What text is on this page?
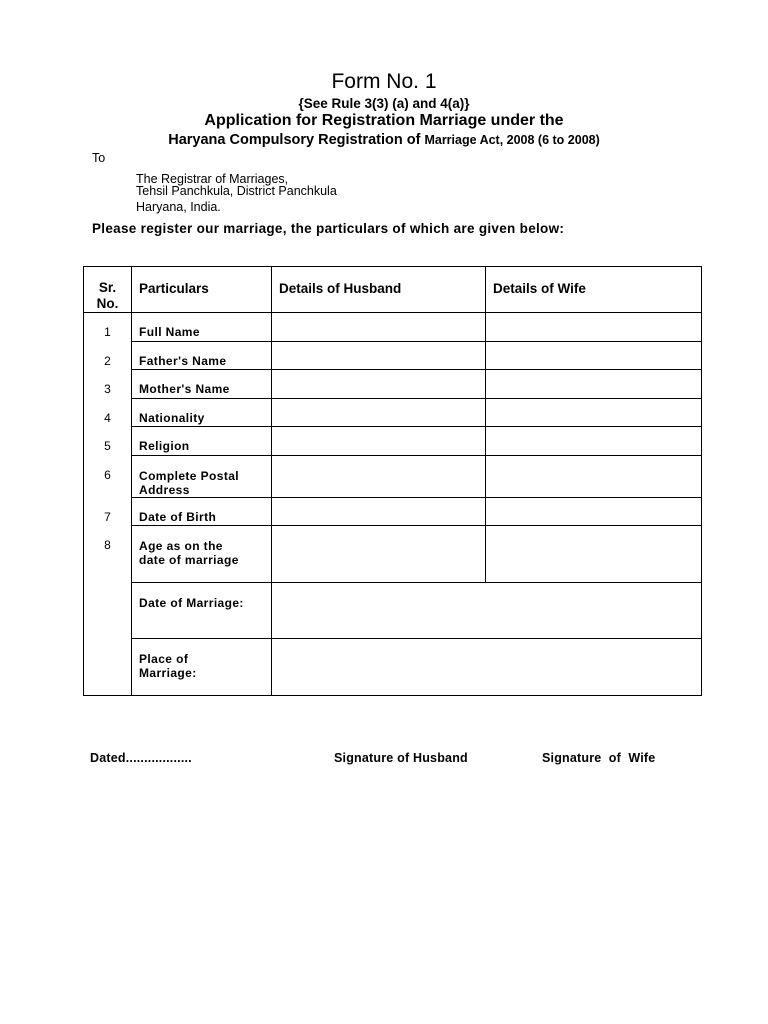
Form No. 1
{See Rule 3(3) (a) and 4(a)}
Application for Registration Marriage under the
Haryana Compulsory Registration of Marriage Act, 2008 (6 to 2008)
To
The Registrar of Marriages,
Tehsil Panchkula, District Panchkula
Haryana, India.
Please register our marriage, the particulars of which are given below:
Sr. No.	Particulars	Details of Husband	Details of Wife

1	Full Name		

2	Father's Name		

3	Mother's Name		

4	Nationality		

5	Religion		

6	Complete Postal
Address		

7	Date of Birth		

8	Age as on the
date of marriage		

	Date of Marriage:		

	Place of
Marriage:		

Dated..................	Signature of Husband	Signature  of  Wife
